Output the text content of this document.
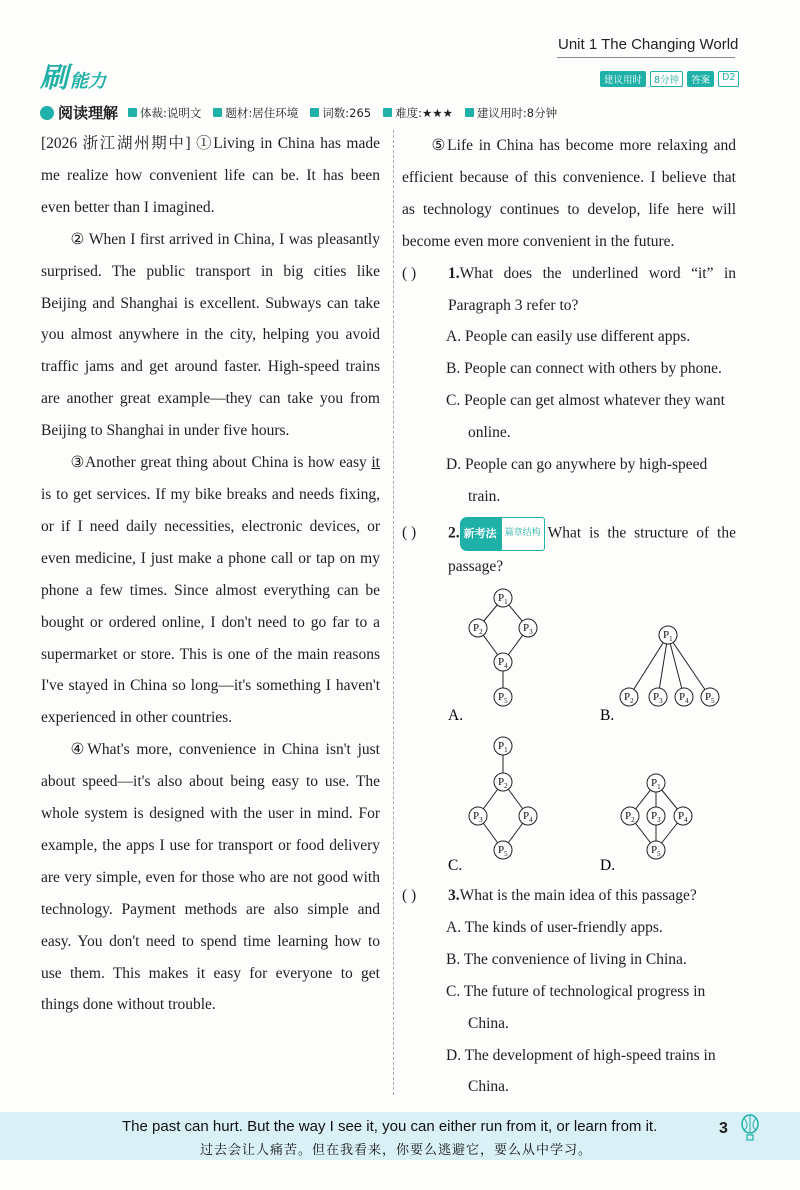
刷能力
Unit 1 The Changing World
建议用时	8分钟	答案	D2
阅读理解 体裁:说明文 题材:居住环境 词数:265 难度:★★★ 建议用时:8分钟

[2026 浙江湖州期中] ①Living in China has made me realize how convenient life can be. It has been even better than I imagined.

② When I first arrived in China, I was pleasantly surprised. The public transport in big cities like Beijing and Shanghai is excellent. Subways can take you almost anywhere in the city, helping you avoid traffic jams and get around faster. High-speed trains are another great example—they can take you from Beijing to Shanghai in under five hours.

③Another great thing about China is how easy it is to get services. If my bike breaks and needs fixing, or if I need daily necessities, electronic devices, or even medicine, I just make a phone call or tap on my phone a few times. Since almost everything can be bought or ordered online, I don't need to go far to a supermarket or store. This is one of the main reasons I've stayed in China so long—it's something I haven't experienced in other countries.

④What's more, convenience in China isn't just about speed—it's also about being easy to use. The whole system is designed with the user in mind. For example, the apps I use for transport or food delivery are very simple, even for those who are not good with technology. Payment methods are also simple and easy. You don't need to spend time learning how to use them. This makes it easy for everyone to get things done without trouble.

⑤Life in China has become more relaxing and efficient because of this convenience. I believe that as technology continues to develop, life here will become even more convenient in the future.

( )	1.What does the underlined word “it” in Paragraph 3 refer to?

A. People can easily use different apps.

B. People can connect with others by phone.

C. People can get almost whatever they want online.

D. People can go anywhere by high-speed train.

( )	2. 新考法 篇章结构 What is the structure of the passage?
$P_1$
$P_2$	$P_3$
$P_4$
$P_5$
$P_1$
$P_2$ $P_3$ $P_4$ $P_5$
$P_1$
$P_2$
$P_3$	$P_4$
$P_5$
$P_1$
$P_2$ $P_3$ $P_4$
$P_5$
A.	B.
C.	D.
( )	3.What is the main idea of this passage?

A. The kinds of user-friendly apps.

B. The convenience of living in China.

C. The future of technological progress in China.

D. The development of high-speed trains in China.

The past can hurt. But the way I see it, you can either run from it, or learn from it.
过去会让人痛苦。但在我看来，你要么逃避它，要么从中学习。
3
